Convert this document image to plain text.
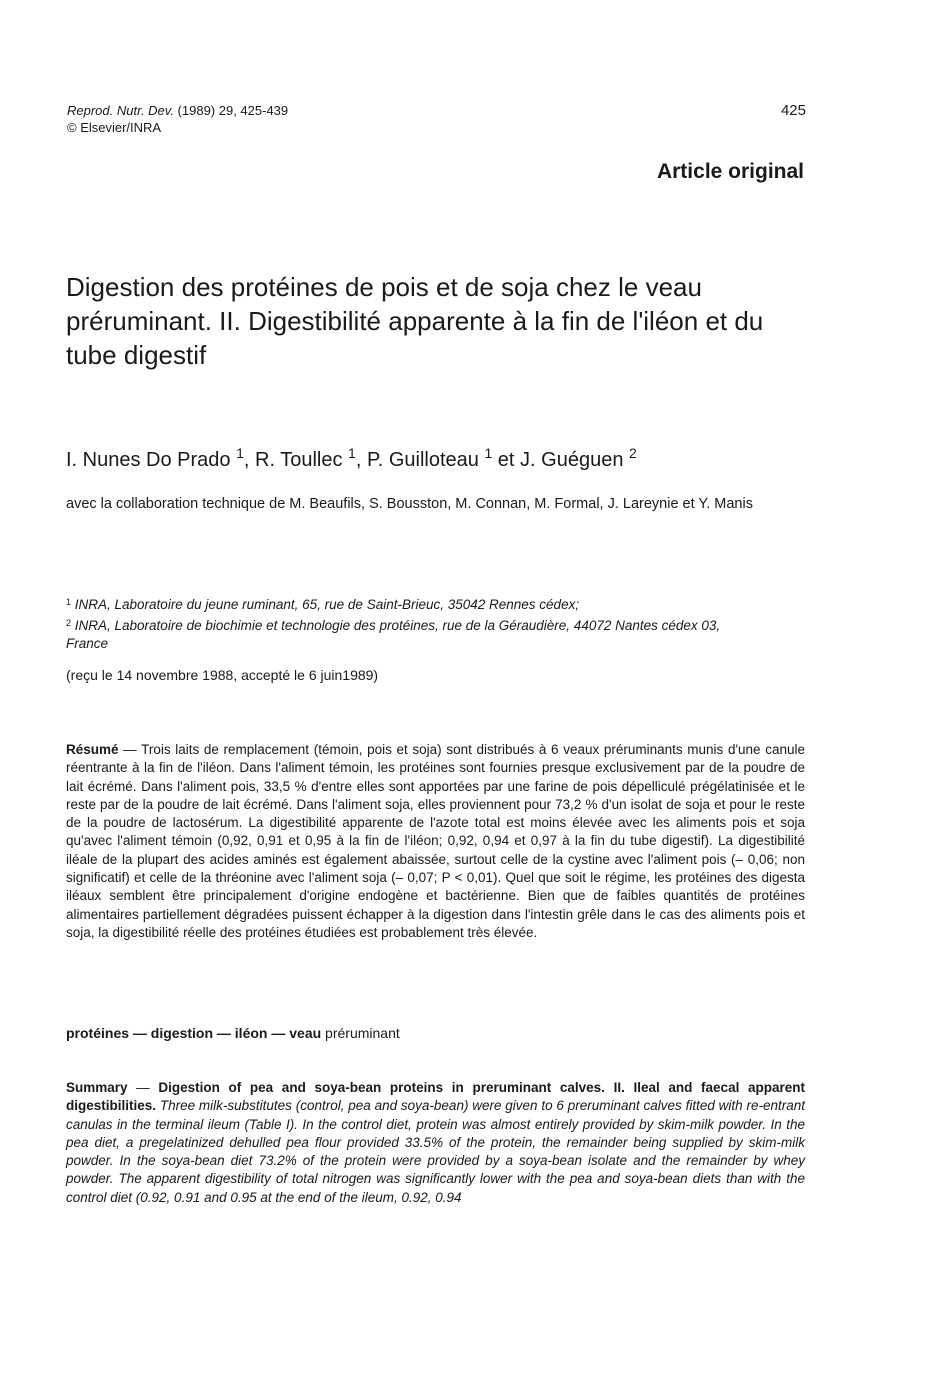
Reprod. Nutr. Dev. (1989) 29, 425-439
© Elsevier/INRA
425
Article original
Digestion des protéines de pois et de soja chez le veau préruminant. II. Digestibilité apparente à la fin de l'iléon et du tube digestif
I. Nunes Do Prado $^1$, R. Toullec $^1$, P. Guilloteau $^1$ et J. Guéguen $^2$
avec la collaboration technique de M. Beaufils, S. Bousston, M. Connan, M. Formal, J. Lareynie et Y. Manis
$^1$ INRA, Laboratoire du jeune ruminant, 65, rue de Saint-Brieuc, 35042 Rennes cédex;
$^2$ INRA, Laboratoire de biochimie et technologie des protéines, rue de la Géraudière, 44072 Nantes cédex 03, France
(reçu le 14 novembre 1988, accepté le 6 juin1989)

Résumé — Trois laits de remplacement (témoin, pois et soja) sont distribués à 6 veaux préruminants munis d'une canule réentrante à la fin de l'iléon. Dans l'aliment témoin, les protéines sont fournies presque exclusivement par de la poudre de lait écrémé. Dans l'aliment pois, 33,5 % d'entre elles sont apportées par une farine de pois dépelliculé prégélatinisée et le reste par de la poudre de lait écrémé. Dans l'aliment soja, elles proviennent pour 73,2 % d'un isolat de soja et pour le reste de la poudre de lactosérum. La digestibilité apparente de l'azote total est moins élevée avec les aliments pois et soja qu'avec l'aliment témoin (0,92, 0,91 et 0,95 à la fin de l'iléon; 0,92, 0,94 et 0,97 à la fin du tube digestif). La digestibilité iléale de la plupart des acides aminés est également abaissée, surtout celle de la cystine avec l'aliment pois (– 0,06; non significatif) et celle de la thréonine avec l'aliment soja (– 0,07; P < 0,01). Quel que soit le régime, les protéines des digesta iléaux semblent être principalement d'origine endogène et bactérienne. Bien que de faibles quantités de protéines alimentaires partiellement dégradées puissent échapper à la digestion dans l'intestin grêle dans le cas des aliments pois et soja, la digestibilité réelle des protéines étudiées est probablement très élevée.

protéines — digestion — iléon — veau préruminant

Summary — Digestion of pea and soya-bean proteins in preruminant calves. II. Ileal and faecal apparent digestibilities. Three milk-substitutes (control, pea and soya-bean) were given to 6 preruminant calves fitted with re-entrant canulas in the terminal ileum (Table I). In the control diet, protein was almost entirely provided by skim-milk powder. In the pea diet, a pregelatinized dehulled pea flour provided 33.5% of the protein, the remainder being supplied by skim-milk powder. In the soya-bean diet 73.2% of the protein were provided by a soya-bean isolate and the remainder by whey powder. The apparent digestibility of total nitrogen was significantly lower with the pea and soya-bean diets than with the control diet (0.92, 0.91 and 0.95 at the end of the ileum, 0.92, 0.94
